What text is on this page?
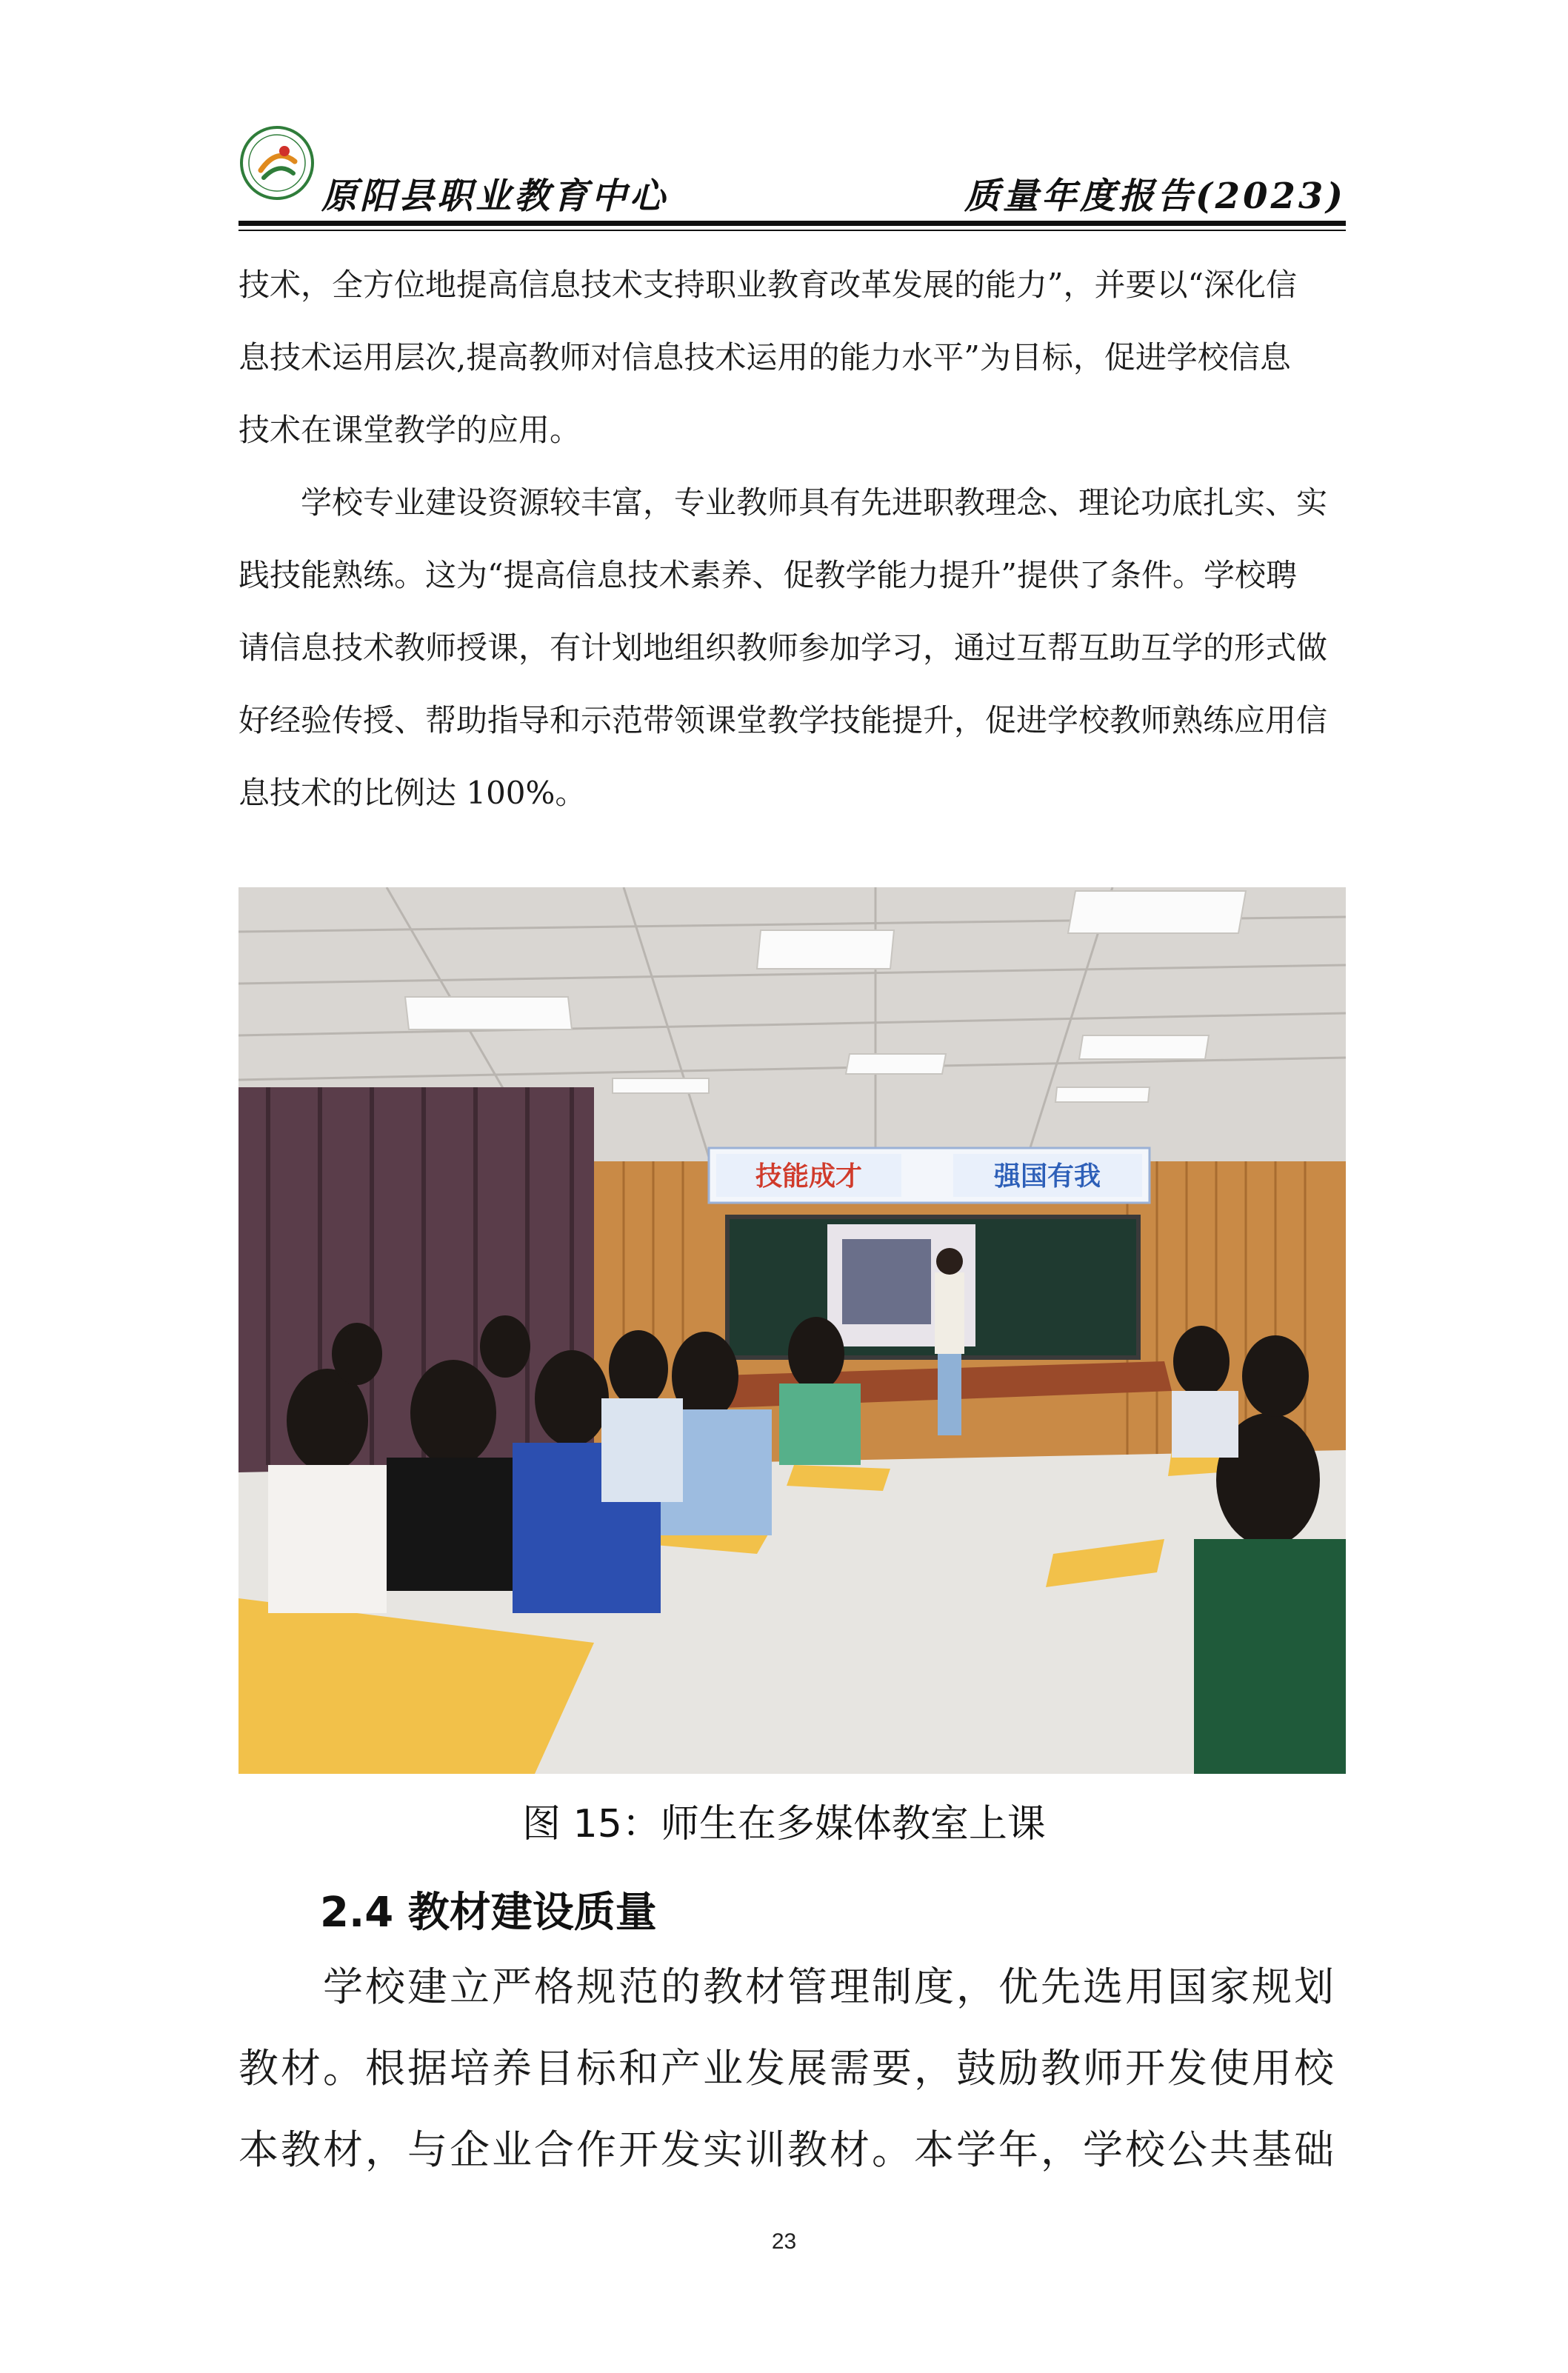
原阳县职业教育中心	质量年度报告(2023)
技术，全方位地提高信息技术支持职业教育改革发展的能力”，并要以“深化信
息技术运用层次,提高教师对信息技术运用的能力水平”为目标，促进学校信息
技术在课堂教学的应用。
学校专业建设资源较丰富，专业教师具有先进职教理念、理论功底扎实、实
践技能熟练。这为“提高信息技术素养、促教学能力提升”提供了条件。学校聘
请信息技术教师授课，有计划地组织教师参加学习，通过互帮互助互学的形式做
好经验传授、帮助指导和示范带领课堂教学技能提升，促进学校教师熟练应用信
息技术的比例达 100%。
技能成才	强国有我
图 15：师生在多媒体教室上课
2.4 教材建设质量
学校建立严格规范的教材管理制度，优先选用国家规划
教材。根据培养目标和产业发展需要，鼓励教师开发使用校
本教材，与企业合作开发实训教材。本学年，学校公共基础
23
